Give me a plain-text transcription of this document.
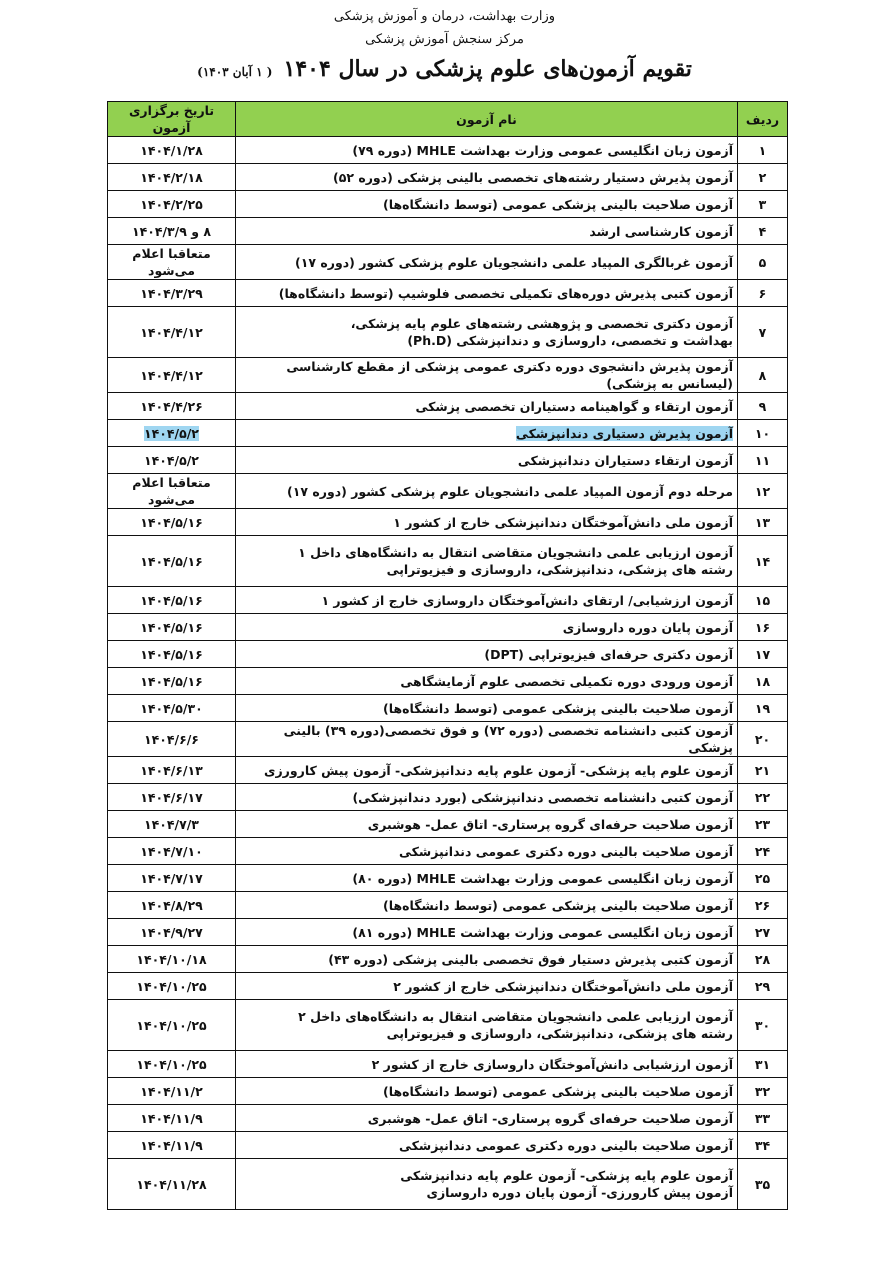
وزارت بهداشت، درمان و آموزش پزشکی
مرکز سنجش آموزش پزشکی
تقویم آزمون‌های علوم پزشکی در سال ۱۴۰۴ ( ۱ آبان ۱۴۰۳)
ردیف	نام آزمون	تاریخ برگزاری آزمون
۱	آزمون زبان انگلیسی عمومی وزارت بهداشت MHLE (دوره ۷۹)	۱۴۰۴/۱/۲۸
۲	آزمون پذیرش دستیار رشته‌های تخصصی بالینی پزشکی (دوره ۵۲)	۱۴۰۴/۲/۱۸
۳	آزمون صلاحیت بالینی پزشکی عمومی (توسط دانشگاه‌ها)	۱۴۰۴/۲/۲۵
۴	آزمون کارشناسی ارشد	۸ و ۱۴۰۴/۳/۹
۵	آزمون غربالگری المپیاد علمی دانشجویان علوم پزشکی کشور (دوره ۱۷)	متعاقبا اعلام می‌شود
۶	آزمون کتبی پذیرش دوره‌های تکمیلی تخصصی فلوشیپ (توسط دانشگاه‌ها)	۱۴۰۴/۳/۲۹
۷	آزمون دکتری تخصصی و پژوهشی رشته‌های علوم پایه پزشکی،
بهداشت و تخصصی، داروسازی و دندانپزشکی (Ph.D)	۱۴۰۴/۴/۱۲
۸	آزمون پذیرش دانشجوی دوره دکتری عمومی پزشکی از مقطع کارشناسی (لیسانس به پزشکی)	۱۴۰۴/۴/۱۲
۹	آزمون ارتقاء و گواهینامه دستیاران تخصصی پزشکی	۱۴۰۴/۴/۲۶
۱۰	آزمون پذیرش دستیاری دندانپزشکی	۱۴۰۴/۵/۲
۱۱	آزمون ارتقاء دستیاران دندانپزشکی	۱۴۰۴/۵/۲
۱۲	مرحله دوم آزمون المپیاد علمی دانشجویان علوم پزشکی کشور (دوره ۱۷)	متعاقبا اعلام می‌شود
۱۳	آزمون ملی دانش‌آموختگان دندانپزشکی خارج از کشور ۱	۱۴۰۴/۵/۱۶
۱۴	آزمون ارزیابی علمی دانشجویان متقاضی انتقال به دانشگاه‌های داخل ۱
رشته های پزشکی، دندانپزشکی، داروسازی و فیزیوتراپی	۱۴۰۴/۵/۱۶
۱۵	آزمون ارزشیابی/ ارتقای دانش‌آموختگان داروسازی خارج از کشور ۱	۱۴۰۴/۵/۱۶
۱۶	آزمون پایان دوره داروسازی	۱۴۰۴/۵/۱۶
۱۷	آزمون دکتری حرفه‌ای فیزیوتراپی (DPT)	۱۴۰۴/۵/۱۶
۱۸	آزمون ورودی دوره تکمیلی تخصصی علوم آزمایشگاهی	۱۴۰۴/۵/۱۶
۱۹	آزمون صلاحیت بالینی پزشکی عمومی (توسط دانشگاه‌ها)	۱۴۰۴/۵/۳۰
۲۰	آزمون کتبی دانشنامه تخصصی (دوره ۷۲) و فوق تخصصی(دوره ۳۹) بالینی پزشکی	۱۴۰۴/۶/۶
۲۱	آزمون علوم پایه پزشکی- آزمون علوم پایه دندانپزشکی- آزمون پیش کارورزی	۱۴۰۴/۶/۱۳
۲۲	آزمون کتبی دانشنامه تخصصی دندانپزشکی (بورد دندانپزشکی)	۱۴۰۴/۶/۱۷
۲۳	آزمون صلاحیت حرفه‌ای گروه پرستاری- اتاق عمل- هوشبری	۱۴۰۴/۷/۳
۲۴	آزمون صلاحیت بالینی دوره دکتری عمومی دندانپزشکی	۱۴۰۴/۷/۱۰
۲۵	آزمون زبان انگلیسی عمومی وزارت بهداشت MHLE (دوره ۸۰)	۱۴۰۴/۷/۱۷
۲۶	آزمون صلاحیت بالینی پزشکی عمومی (توسط دانشگاه‌ها)	۱۴۰۴/۸/۲۹
۲۷	آزمون زبان انگلیسی عمومی وزارت بهداشت MHLE (دوره ۸۱)	۱۴۰۴/۹/۲۷
۲۸	آزمون کتبی پذیرش دستیار فوق تخصصی بالینی پزشکی (دوره ۴۳)	۱۴۰۴/۱۰/۱۸
۲۹	آزمون ملی دانش‌آموختگان دندانپزشکی خارج از کشور ۲	۱۴۰۴/۱۰/۲۵
۳۰	آزمون ارزیابی علمی دانشجویان متقاضی انتقال به دانشگاه‌های داخل ۲
رشته های پزشکی، دندانپزشکی، داروسازی و فیزیوتراپی	۱۴۰۴/۱۰/۲۵
۳۱	آزمون ارزشیابی دانش‌آموختگان داروسازی خارج از کشور ۲	۱۴۰۴/۱۰/۲۵
۳۲	آزمون صلاحیت بالینی پزشکی عمومی (توسط دانشگاه‌ها)	۱۴۰۴/۱۱/۲
۳۳	آزمون صلاحیت حرفه‌ای گروه پرستاری- اتاق عمل- هوشبری	۱۴۰۴/۱۱/۹
۳۴	آزمون صلاحیت بالینی دوره دکتری عمومی دندانپزشکی	۱۴۰۴/۱۱/۹
۳۵	آزمون علوم پایه پزشکی- آزمون علوم پایه دندانپزشکی
آزمون پیش کارورزی- آزمون پایان دوره داروسازی	۱۴۰۴/۱۱/۲۸
